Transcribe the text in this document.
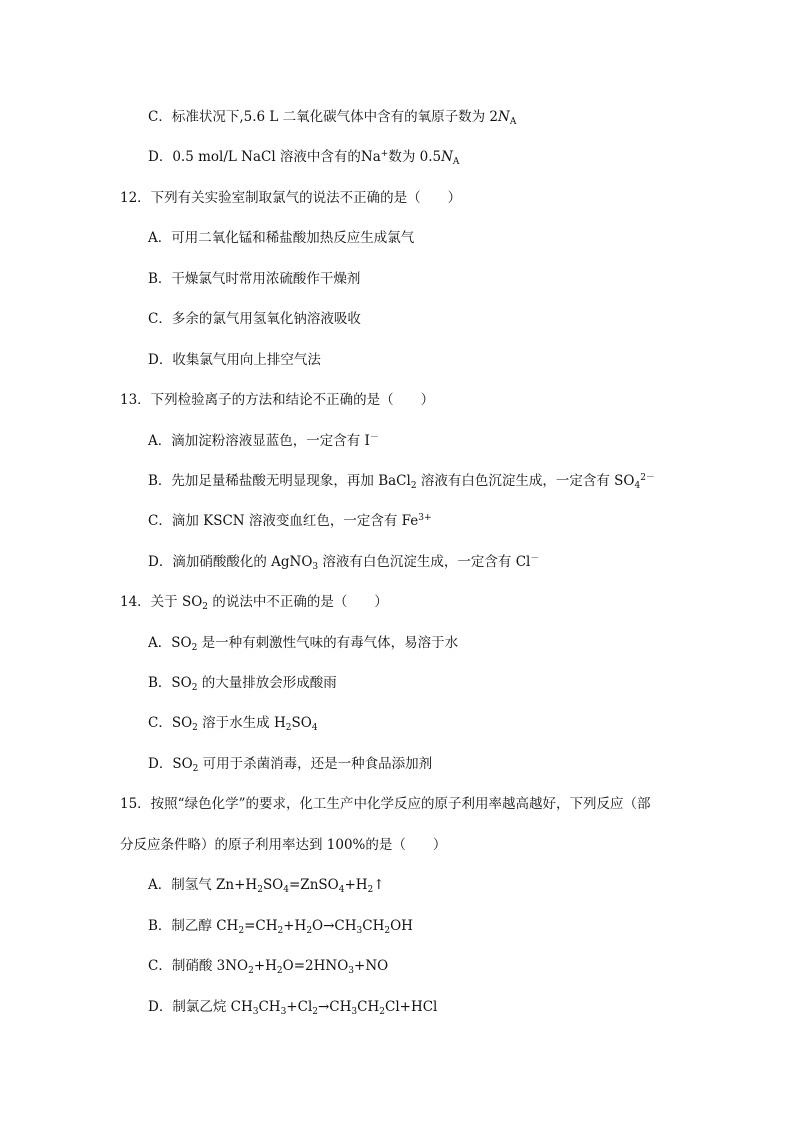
C．标准状况下,5.6 L 二氧化碳气体中含有的氧原子数为 $2N_A$
D．0.5 mol/L NaCl 溶液中含有的Na+数为 $0.5N_A$
12．下列有关实验室制取氯气的说法不正确的是（　　）
A．可用二氧化锰和稀盐酸加热反应生成氯气
B．干燥氯气时常用浓硫酸作干燥剂
C．多余的氯气用氢氧化钠溶液吸收
D．收集氯气用向上排空气法
13．下列检验离子的方法和结论不正确的是（　　）
A．滴加淀粉溶液显蓝色，一定含有 I－
B．先加足量稀盐酸无明显现象，再加 BaCl$_2$ 溶液有白色沉淀生成，一定含有 $SO_4^{2-}$
C．滴加 KSCN 溶液变血红色，一定含有 $Fe^{3+}$
D．滴加硝酸酸化的 AgNO$_3$ 溶液有白色沉淀生成，一定含有 Cl－
14．关于 $SO_2$ 的说法中不正确的是（　　）
A．$SO_2$ 是一种有刺激性气味的有毒气体，易溶于水
B．$SO_2$ 的大量排放会形成酸雨
C．$SO_2$ 溶于水生成 $H_2SO_4$
D．$SO_2$ 可用于杀菌消毒，还是一种食品添加剂
15．按照“绿色化学”的要求，化工生产中化学反应的原子利用率越高越好，下列反应（部
分反应条件略）的原子利用率达到 100%的是（　　）
A．制氢气 $Zn+H_2SO_4=ZnSO_4+H_2↑$
B．制乙醇 $CH_2=CH_2+H_2O\to CH_3CH_2OH$
C．制硝酸 $3NO_2+H_2O=2HNO_3+NO$
D．制氯乙烷 $CH_3CH_3+Cl_2\to CH_3CH_2Cl+HCl$
